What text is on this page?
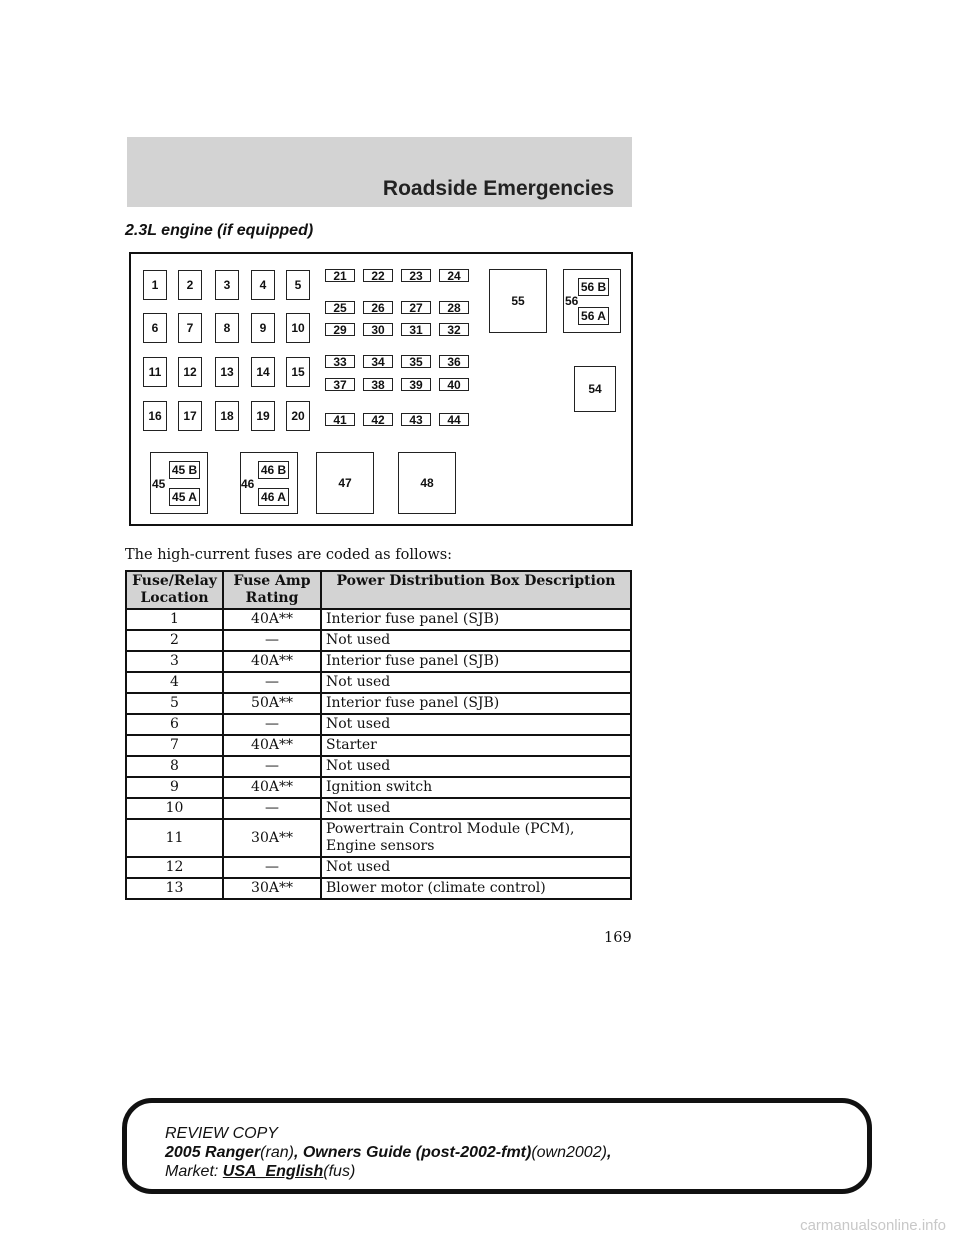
Roadside Emergencies
2.3L engine (if equipped)
1	2	3	4	5
6	7	8	9	10
11	12	13	14	15
16	17	18	19	20
21	22	23	24
25	26	27	28
29	30	31	32
33	34	35	36
37	38	39	40
41	42	43	44
45
45 B
45 A
46
46 B
46 A
47	48
55	56
56 B
56 A
54
The high-current fuses are coded as follows:
Fuse/Relay Location	Fuse Amp Rating	Power Distribution Box Description
1	40A**	Interior fuse panel (SJB)
2	—	Not used
3	40A**	Interior fuse panel (SJB)
4	—	Not used
5	50A**	Interior fuse panel (SJB)
6	—	Not used
7	40A**	Starter
8	—	Not used
9	40A**	Ignition switch
10	—	Not used
11	30A**	Powertrain Control Module (PCM), Engine sensors
12	—	Not used
13	30A**	Blower motor (climate control)
169
REVIEW COPY
2005 Ranger(ran), Owners Guide (post-2002-fmt)(own2002),
Market: USA_English(fus)
carmanualsonline.info
